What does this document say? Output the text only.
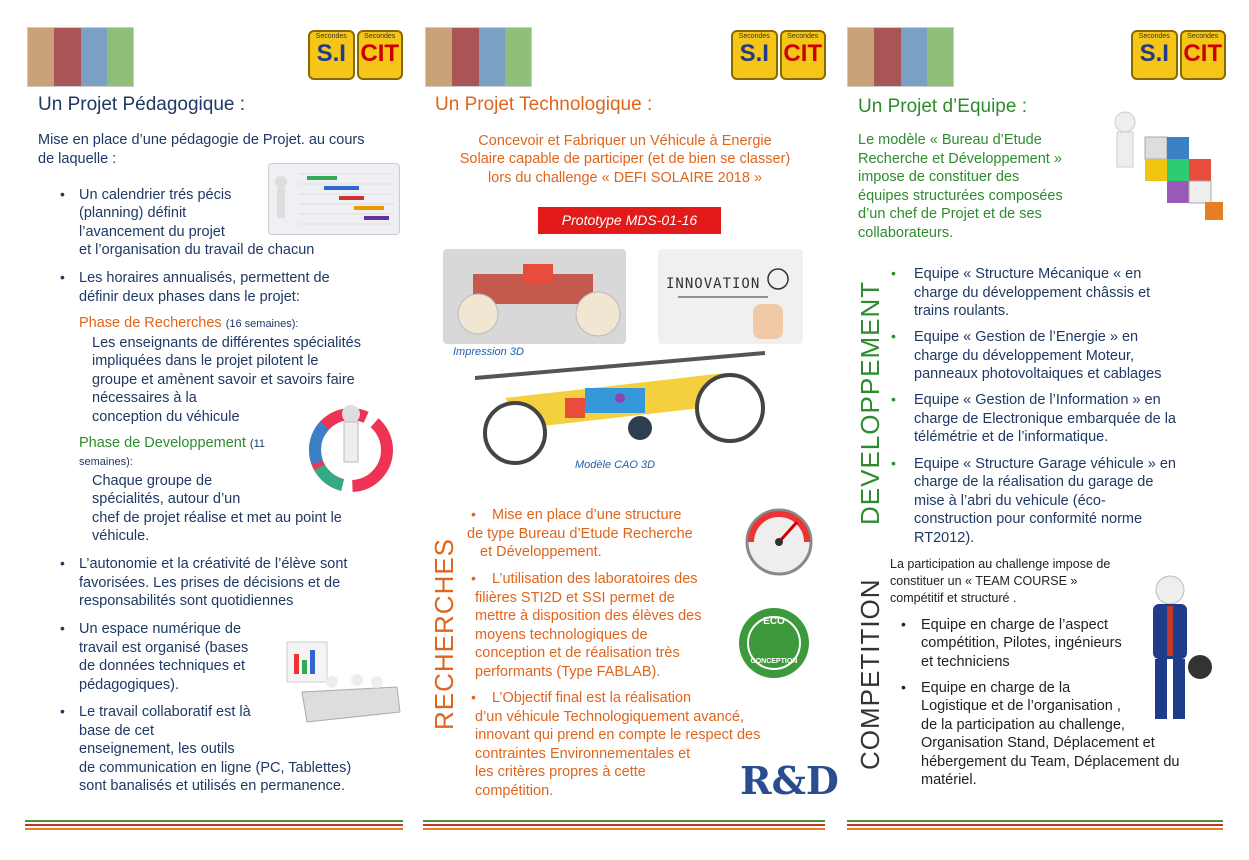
Secondes
S.I
Secondes
CIT
Un Projet Pédagogique :
Mise en place d’une pédagogie de Projet. au cours de laquelle :
• Un calendrier trés pécis
(planning) définit
l’avancement du projet
et l’organisation du travail de chacun
• Les horaires annualisés, permettent de
définir deux phases dans le projet:
Phase de Recherches (16 semaines):
Les enseignants de différentes spécialités
impliquées dans le projet pilotent le
groupe et amènent savoir et savoirs faire
nécessaires à la
conception du véhicule
Phase de Developpement (11
semaines):
Chaque groupe de
spécialités, autour d’un
chef de projet réalise et met au point le
véhicule.
• L’autonomie et la créativité de l’élève sont
favorisées. Les prises de décisions et de
responsabilités sont quotidiennes
• Un espace numérique de
travail est organisé (bases
de données techniques et
pédagogiques).
• Le travail collaboratif est là
base de cet
enseignement, les outils
de communication en ligne (PC, Tablettes)
sont banalisés et utilisés en permanence.
Secondes
S.I
Secondes
CIT
Un Projet Technologique :
Concevoir et Fabriquer un Véhicule à Energie
Solaire capable de participer (et de bien se classer)
lors du challenge « DEFI SOLAIRE 2018 »
Prototype MDS-01-16
Impression 3D
INNOVATION
Modèle CAO 3D
RECHERCHES
• Mise en place d’une structure
de type Bureau d’Etude Recherche
et Développement.
ECO
CONCEPTION
• L’utilisation des laboratoires des
filières STI2D et SSI permet de
mettre à disposition des élèves des
moyens technologiques de
conception et de réalisation très
performants (Type FABLAB).
• L’Objectif final est la réalisation
d’un véhicule Technologiquement avancé,
innovant qui prend en compte le respect des
contraintes Environnementales et
les critères propres à cette
compétition.	R&D
Secondes
S.I
Secondes
CIT
Un Projet d’Equipe :
Le modèle « Bureau d’Etude
Recherche et Développement »
impose de constituer des
équipes structurées composées
d’un chef de Projet et de ses
collaborateurs.
DEVELOPPEMENT
COMPETITION
• Equipe « Structure Mécanique « en
charge du développement châssis et
trains roulants.
• Equipe « Gestion de l’Energie » en
charge du développement Moteur,
panneaux photovoltaiques et cablages
• Equipe « Gestion de l’Information » en
charge de Electronique embarquée de la
télémétrie et de l’informatique.
• Equipe « Structure Garage véhicule » en
charge de la réalisation du garage de
mise à l’abri du vehicule (éco-
construction pour conformité norme
RT2012).
La participation au challenge impose de
constituer un « TEAM COURSE »
compétitif et structuré .
• Equipe en charge de l’aspect
compétition, Pilotes, ingénieurs
et techniciens
• Equipe en charge de la
Logistique et de l’organisation ,
de la participation au challenge,
Organisation Stand, Déplacement et
hébergement du Team, Déplacement du
matériel.
